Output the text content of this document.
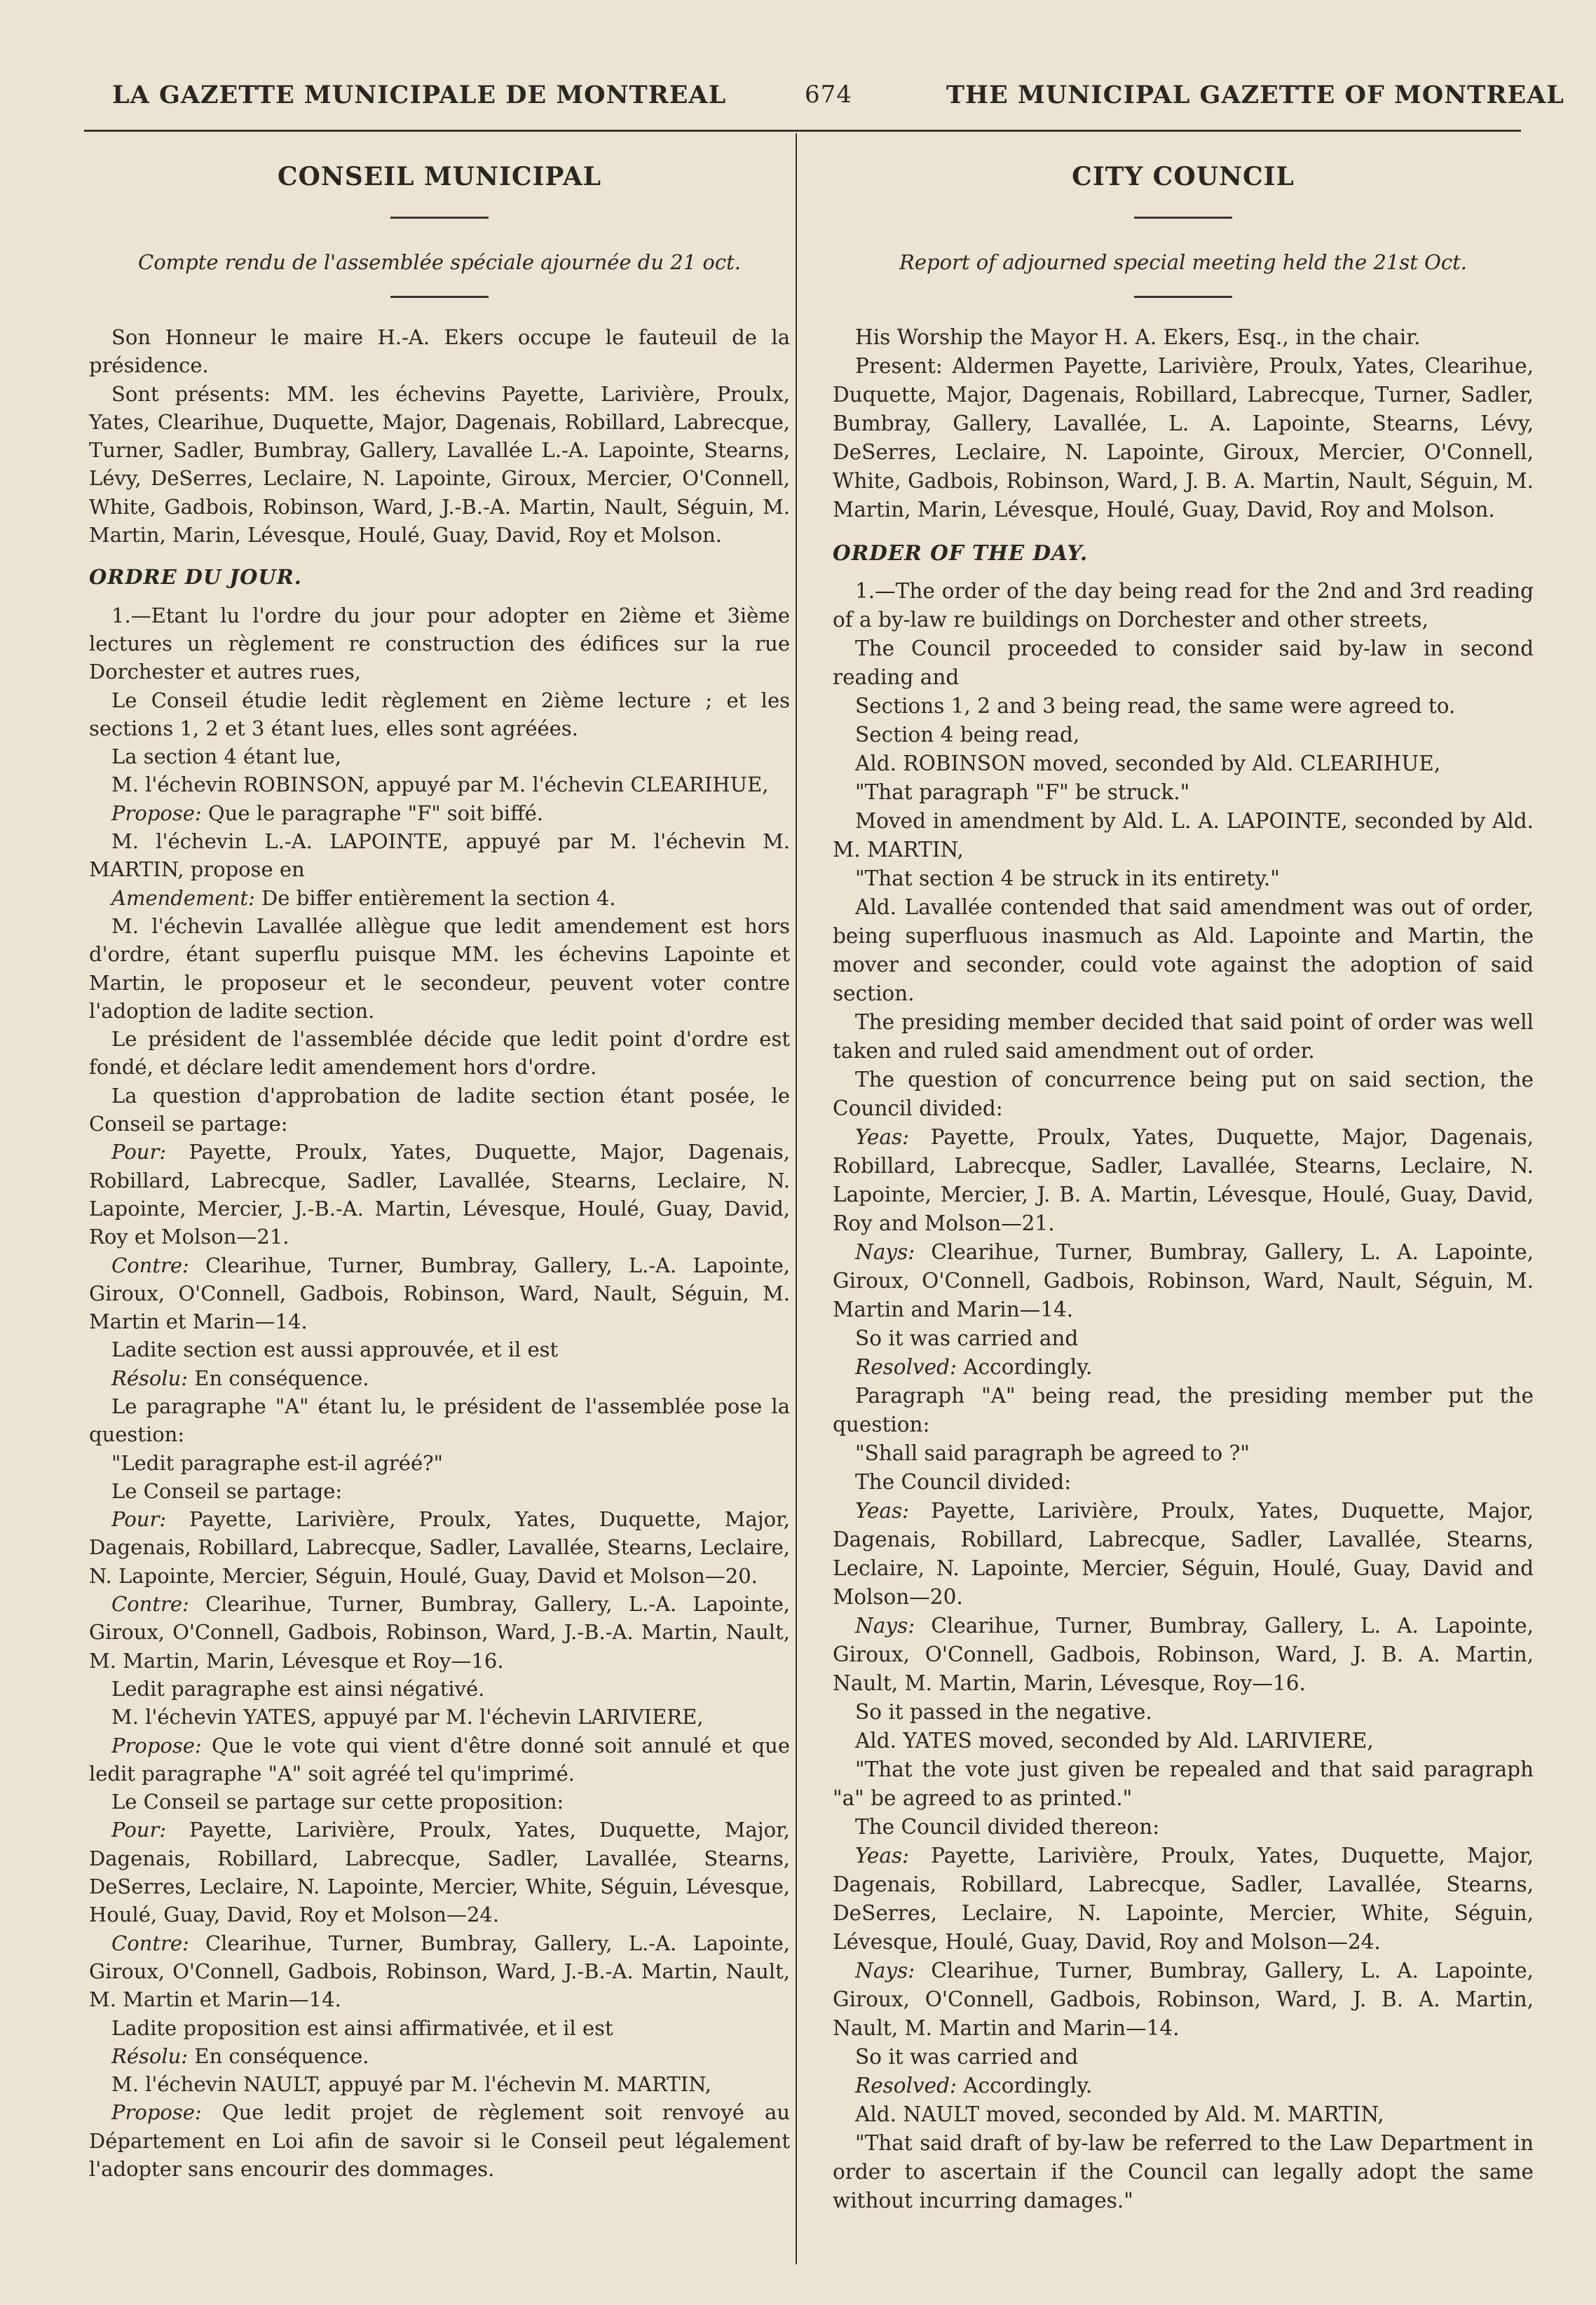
LA GAZETTE MUNICIPALE DE MONTREAL	674	THE MUNICIPAL GAZETTE OF MONTREAL
CONSEIL MUNICIPAL
Compte rendu de l'assemblée spéciale ajournée du 21 oct.

Son Honneur le maire H.-A. Ekers occupe le fauteuil de la présidence.

Sont présents: MM. les échevins Payette, Larivière, Proulx, Yates, Clearihue, Duquette, Major, Dagenais, Robillard, Labrecque, Turner, Sadler, Bumbray, Gallery, Lavallée L.-A. Lapointe, Stearns, Lévy, DeSerres, Leclaire, N. Lapointe, Giroux, Mercier, O'Connell, White, Gadbois, Robinson, Ward, J.-B.-A. Martin, Nault, Séguin, M. Martin, Marin, Lévesque, Houlé, Guay, David, Roy et Molson.

ORDRE DU JOUR.

1.—Etant lu l'ordre du jour pour adopter en 2ième et 3ième lectures un règlement re construction des édifices sur la rue Dorchester et autres rues,

Le Conseil étudie ledit règlement en 2ième lecture ; et les sections 1, 2 et 3 étant lues, elles sont agréées.

La section 4 étant lue,

M. l'échevin ROBINSON, appuyé par M. l'échevin CLEARIHUE,

Propose: Que le paragraphe "F" soit biffé.

M. l'échevin L.-A. LAPOINTE, appuyé par M. l'échevin M. MARTIN, propose en

Amendement: De biffer entièrement la section 4.

M. l'échevin Lavallée allègue que ledit amendement est hors d'ordre, étant superflu puisque MM. les échevins Lapointe et Martin, le proposeur et le secondeur, peuvent voter contre l'adoption de ladite section.

Le président de l'assemblée décide que ledit point d'ordre est fondé, et déclare ledit amendement hors d'ordre.

La question d'approbation de ladite section étant posée, le Conseil se partage:

Pour: Payette, Proulx, Yates, Duquette, Major, Dagenais, Robillard, Labrecque, Sadler, Lavallée, Stearns, Leclaire, N. Lapointe, Mercier, J.-B.-A. Martin, Lévesque, Houlé, Guay, David, Roy et Molson—21.

Contre: Clearihue, Turner, Bumbray, Gallery, L.-A. Lapointe, Giroux, O'Connell, Gadbois, Robinson, Ward, Nault, Séguin, M. Martin et Marin—14.

Ladite section est aussi approuvée, et il est

Résolu: En conséquence.

Le paragraphe "A" étant lu, le président de l'assemblée pose la question:

"Ledit paragraphe est-il agréé?"

Le Conseil se partage:

Pour: Payette, Larivière, Proulx, Yates, Duquette, Major, Dagenais, Robillard, Labrecque, Sadler, Lavallée, Stearns, Leclaire, N. Lapointe, Mercier, Séguin, Houlé, Guay, David et Molson—20.

Contre: Clearihue, Turner, Bumbray, Gallery, L.-A. Lapointe, Giroux, O'Connell, Gadbois, Robinson, Ward, J.-B.-A. Martin, Nault, M. Martin, Marin, Lévesque et Roy—16.

Ledit paragraphe est ainsi négativé.

M. l'échevin YATES, appuyé par M. l'échevin LARIVIERE,

Propose: Que le vote qui vient d'être donné soit annulé et que ledit paragraphe "A" soit agréé tel qu'imprimé.

Le Conseil se partage sur cette proposition:

Pour: Payette, Larivière, Proulx, Yates, Duquette, Major, Dagenais, Robillard, Labrecque, Sadler, Lavallée, Stearns, DeSerres, Leclaire, N. Lapointe, Mercier, White, Séguin, Lévesque, Houlé, Guay, David, Roy et Molson—24.

Contre: Clearihue, Turner, Bumbray, Gallery, L.-A. Lapointe, Giroux, O'Connell, Gadbois, Robinson, Ward, J.-B.-A. Martin, Nault, M. Martin et Marin—14.

Ladite proposition est ainsi affirmativée, et il est

Résolu: En conséquence.

M. l'échevin NAULT, appuyé par M. l'échevin M. MARTIN,

Propose: Que ledit projet de règlement soit renvoyé au Département en Loi afin de savoir si le Conseil peut légalement l'adopter sans encourir des dommages.

CITY COUNCIL
Report of adjourned special meeting held the 21st Oct.

His Worship the Mayor H. A. Ekers, Esq., in the chair.

Present: Aldermen Payette, Larivière, Proulx, Yates, Clearihue, Duquette, Major, Dagenais, Robillard, Labrecque, Turner, Sadler, Bumbray, Gallery, Lavallée, L. A. Lapointe, Stearns, Lévy, DeSerres, Leclaire, N. Lapointe, Giroux, Mercier, O'Connell, White, Gadbois, Robinson, Ward, J. B. A. Martin, Nault, Séguin, M. Martin, Marin, Lévesque, Houlé, Guay, David, Roy and Molson.

ORDER OF THE DAY.

1.—The order of the day being read for the 2nd and 3rd reading of a by-law re buildings on Dorchester and other streets,

The Council proceeded to consider said by-law in second reading and

Sections 1, 2 and 3 being read, the same were agreed to.

Section 4 being read,

Ald. ROBINSON moved, seconded by Ald. CLEARIHUE,

"That paragraph "F" be struck."

Moved in amendment by Ald. L. A. LAPOINTE, seconded by Ald. M. MARTIN,

"That section 4 be struck in its entirety."

Ald. Lavallée contended that said amendment was out of order, being superfluous inasmuch as Ald. Lapointe and Martin, the mover and seconder, could vote against the adoption of said section.

The presiding member decided that said point of order was well taken and ruled said amendment out of order.

The question of concurrence being put on said section, the Council divided:

Yeas: Payette, Proulx, Yates, Duquette, Major, Dagenais, Robillard, Labrecque, Sadler, Lavallée, Stearns, Leclaire, N. Lapointe, Mercier, J. B. A. Martin, Lévesque, Houlé, Guay, David, Roy and Molson—21.

Nays: Clearihue, Turner, Bumbray, Gallery, L. A. Lapointe, Giroux, O'Connell, Gadbois, Robinson, Ward, Nault, Séguin, M. Martin and Marin—14.

So it was carried and

Resolved: Accordingly.

Paragraph "A" being read, the presiding member put the question:

"Shall said paragraph be agreed to ?"

The Council divided:

Yeas: Payette, Larivière, Proulx, Yates, Duquette, Major, Dagenais, Robillard, Labrecque, Sadler, Lavallée, Stearns, Leclaire, N. Lapointe, Mercier, Séguin, Houlé, Guay, David and Molson—20.

Nays: Clearihue, Turner, Bumbray, Gallery, L. A. Lapointe, Giroux, O'Connell, Gadbois, Robinson, Ward, J. B. A. Martin, Nault, M. Martin, Marin, Lévesque, Roy—16.

So it passed in the negative.

Ald. YATES moved, seconded by Ald. LARIVIERE,

"That the vote just given be repealed and that said paragraph "a" be agreed to as printed."

The Council divided thereon:

Yeas: Payette, Larivière, Proulx, Yates, Duquette, Major, Dagenais, Robillard, Labrecque, Sadler, Lavallée, Stearns, DeSerres, Leclaire, N. Lapointe, Mercier, White, Séguin, Lévesque, Houlé, Guay, David, Roy and Molson—24.

Nays: Clearihue, Turner, Bumbray, Gallery, L. A. Lapointe, Giroux, O'Connell, Gadbois, Robinson, Ward, J. B. A. Martin, Nault, M. Martin and Marin—14.

So it was carried and

Resolved: Accordingly.

Ald. NAULT moved, seconded by Ald. M. MARTIN,

"That said draft of by-law be referred to the Law Department in order to ascertain if the Council can legally adopt the same without incurring damages."
